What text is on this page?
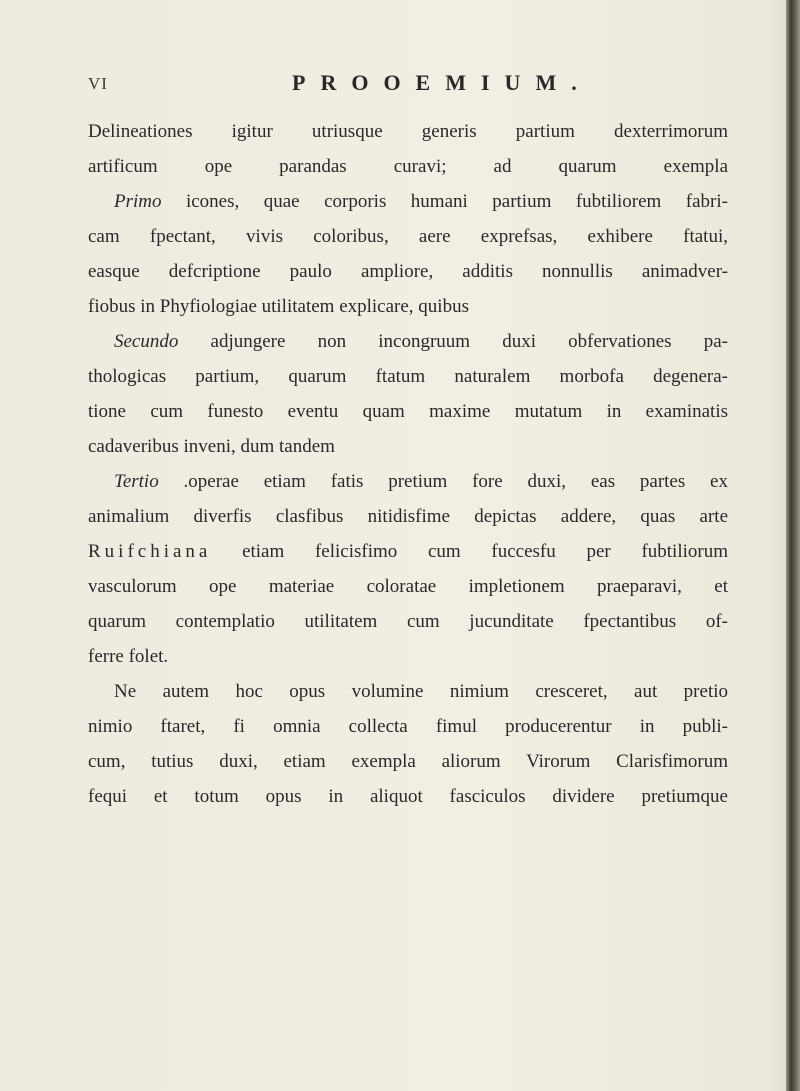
VI	PROOEMIUM.
Delineationes igitur utriusque generis partium dexterrimorum
artificum ope parandas curavi; ad quarum exempla
Primo icones, quae corporis humani partium fubtiliorem fabri-
cam fpectant, vivis coloribus, aere exprefsas, exhibere ftatui,
easque defcriptione paulo ampliore, additis nonnullis animadver-
fiobus in Phyfiologiae utilitatem explicare, quibus
Secundo adjungere non incongruum duxi obfervationes pa-
thologicas partium, quarum ftatum naturalem morbofa degenera-
tione cum funesto eventu quam maxime mutatum in examinatis
cadaveribus inveni, dum tandem
Tertio .operae etiam fatis pretium fore duxi, eas partes ex
animalium diverfis clasfibus nitidisfime depictas addere, quas arte
Ruifchiana etiam felicisfimo cum fuccesfu per fubtiliorum
vasculorum ope materiae coloratae impletionem praeparavi, et
quarum contemplatio utilitatem cum jucunditate fpectantibus of-
ferre folet.
Ne autem hoc opus volumine nimium cresceret, aut pretio
nimio ftaret, fi omnia collecta fimul producerentur in publi-
cum, tutius duxi, etiam exempla aliorum Virorum Clarisfimorum
fequi et totum opus in aliquot fasciculos dividere pretiumque
